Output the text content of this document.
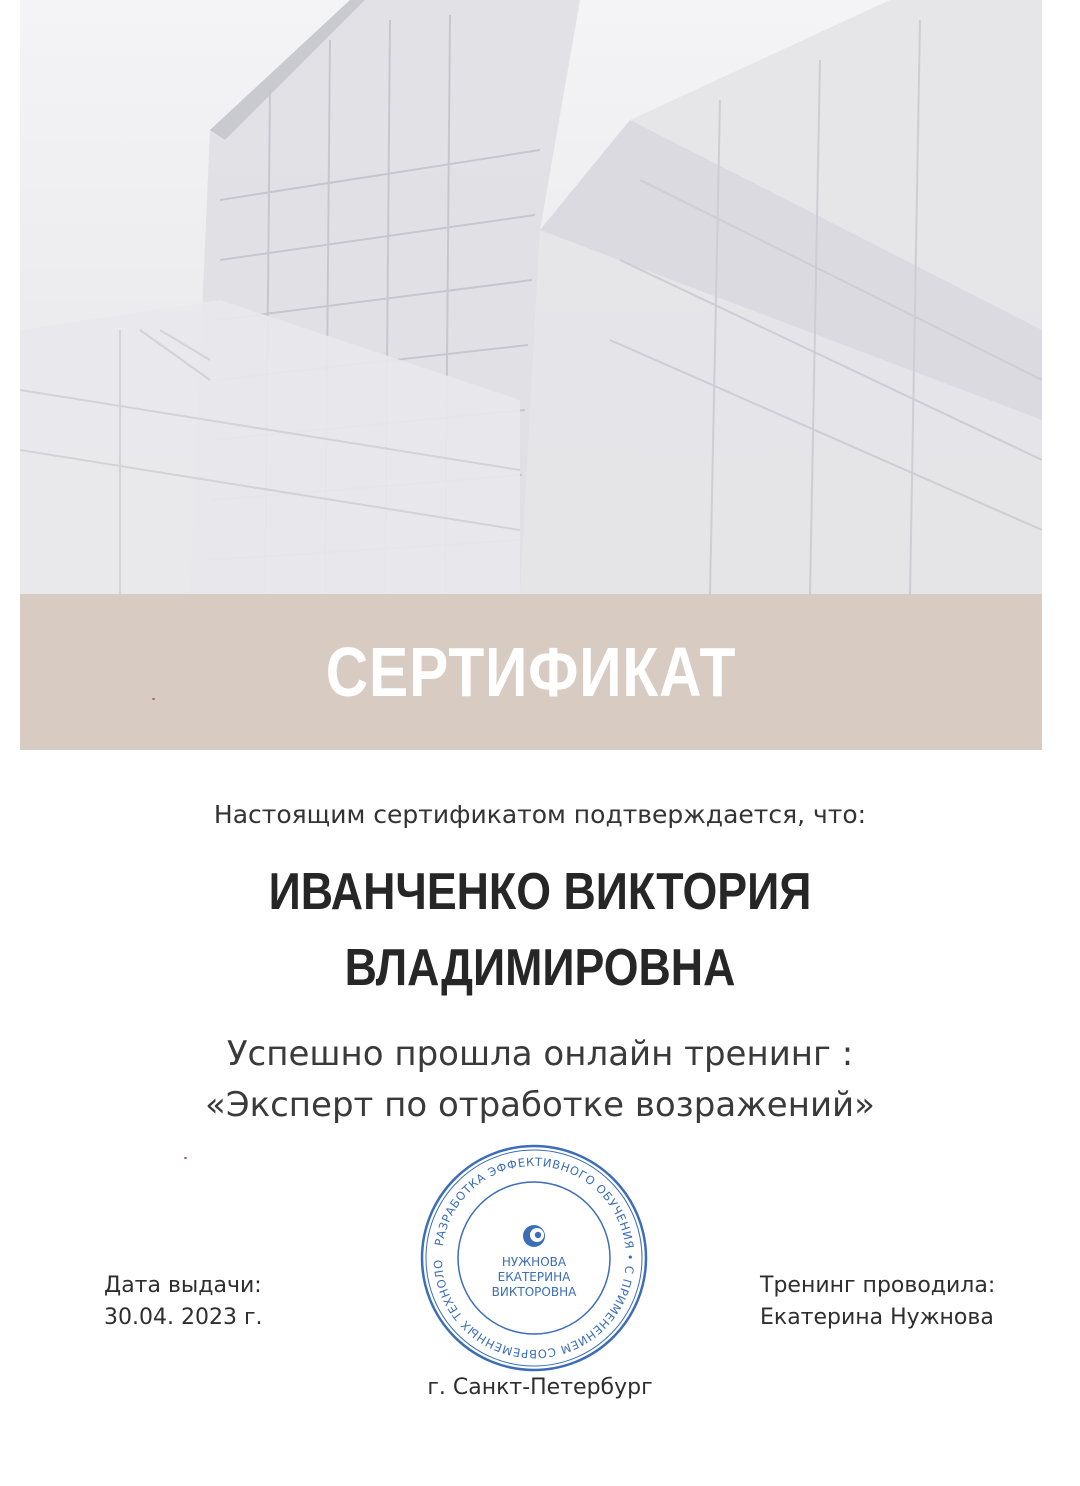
СЕРТИФИКАТ
Настоящим сертификатом подтверждается, что:
ИВАНЧЕНКО ВИКТОРИЯ
ВЛАДИМИРОВНА
Успешно прошла онлайн тренинг :
«Эксперт по отработке возражений»
Дата выдачи:
30.04. 2023 г.
Тренинг проводила:
Екатерина Нужнова
РАЗРАБОТКА ЭФФЕКТИВНОГО ОБУЧЕНИЯ • С ПРИМЕНЕНИЕМ СОВРЕМЕННЫХ ТЕХНОЛО	НУЖНОВА
ЕКАТЕРИНА
ВИКТОРОВНА
г. Санкт-Петербург
